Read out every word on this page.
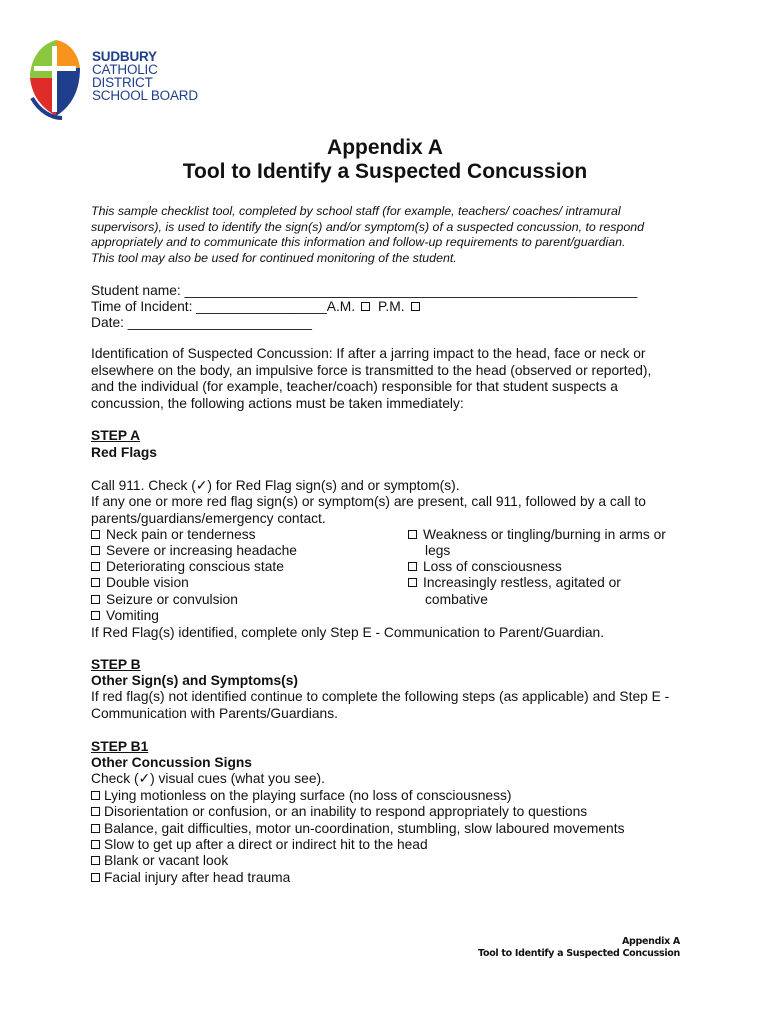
SUDBURY
CATHOLIC
DISTRICT
SCHOOL BOARD
Appendix A
Tool to Identify a Suspected Concussion
This sample checklist tool, completed by school staff (for example, teachers/ coaches/ intramural supervisors), is used to identify the sign(s) and/or symptom(s) of a suspected concussion, to respond appropriately and to communicate this information and follow-up requirements to parent/guardian. This tool may also be used for continued monitoring of the student.
Student name: ___________________________________________________________
Time of Incident: _________________A.M. P.M.
Date: ________________________
Identification of Suspected Concussion: If after a jarring impact to the head, face or neck or elsewhere on the body, an impulsive force is transmitted to the head (observed or reported), and the individual (for example, teacher/coach) responsible for that student suspects a concussion, the following actions must be taken immediately:
STEP A
Red Flags
Call 911. Check (✓) for Red Flag sign(s) and or symptom(s).
If any one or more red flag sign(s) or symptom(s) are present, call 911, followed by a call to parents/guardians/emergency contact.
Neck pain or tenderness
Severe or increasing headache
Deteriorating conscious state
Double vision
Seizure or convulsion
Vomiting
Weakness or tingling/burning in arms or
legs
Loss of consciousness
Increasingly restless, agitated or
combative
If Red Flag(s) identified, complete only Step E - Communication to Parent/Guardian.
STEP B
Other Sign(s) and Symptoms(s)
If red flag(s) not identified continue to complete the following steps (as applicable) and Step E - Communication with Parents/Guardians.
STEP B1
Other Concussion Signs
Check (✓) visual cues (what you see).
Lying motionless on the playing surface (no loss of consciousness)
Disorientation or confusion, or an inability to respond appropriately to questions
Balance, gait difficulties, motor un-coordination, stumbling, slow laboured movements
Slow to get up after a direct or indirect hit to the head
Blank or vacant look
Facial injury after head trauma
Appendix A
Tool to Identify a Suspected Concussion
